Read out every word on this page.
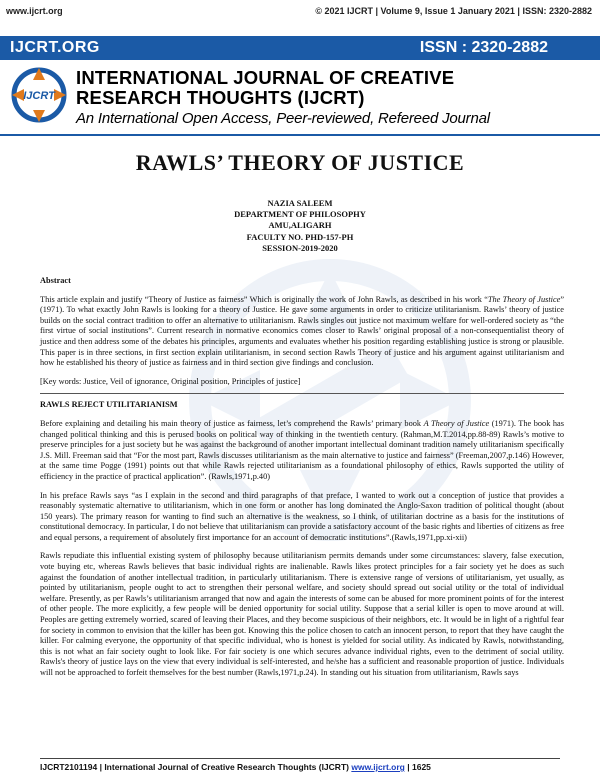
www.ijcrt.org	© 2021 IJCRT | Volume 9, Issue 1 January 2021 | ISSN: 2320-2882
IJCRT.ORG	ISSN : 2320-2882
IJCRT
INTERNATIONAL JOURNAL OF CREATIVE
RESEARCH THOUGHTS (IJCRT)
An International Open Access, Peer-reviewed, Refereed Journal
RAWLS’ THEORY OF JUSTICE
NAZIA SALEEM
DEPARTMENT OF PHILOSOPHY
AMU,ALIGARH
FACULTY NO. PHD-157-PH
SESSION-2019-2020
Abstract

This article explain and justify “Theory of Justice as fairness” Which is originally the work of John Rawls, as described in his work “The Theory of Justice” (1971). To what exactly John Rawls is looking for a theory of Justice. He gave some arguments in order to criticize utilitarianism. Rawls’ theory of justice builds on the social contract tradition to offer an alternative to utilitarianism. Rawls singles out justice not maximum welfare for well-ordered society as “the first virtue of social institutions”. Current research in normative economics comes closer to Rawls’ original proposal of a non-consequentialist theory of justice and then address some of the debates his principles, arguments and evaluates whether his position regarding establishing justice is strong or plausible. This paper is in three sections, in first section explain utilitarianism, in second section Rawls Theory of justice and his argument against utilitarianism and how he established his theory of justice as fairness and in third section give findings and conclusion.

[Key words: Justice, Veil of ignorance, Original position, Principles of justice]
RAWLS REJECT UTILITARIANISM

Before explaining and detailing his main theory of justice as fairness, let’s comprehend the Rawls’ primary book A Theory of Justice (1971). The book has changed political thinking and this is perused books on political way of thinking in the twentieth century. (Rahman,M.T.2014,pp.88-89) Rawls’s motive to preserve principles for a just society but he was against the background of another important intellectual dominant tradition namely utilitarianism specifically J.S. Mill. Freeman said that “For the most part, Rawls discusses utilitarianism as the main alternative to justice and fairness” (Freeman,2007,p.146) However, at the same time Pogge (1991) points out that while Rawls rejected utilitarianism as a foundational philosophy of ethics, Rawls supported the utility of efficiency in the practice of practical application”. (Rawls,1971,p.40)

In his preface Rawls says “as I explain in the second and third paragraphs of that preface, I wanted to work out a conception of justice that provides a reasonably systematic alternative to utilitarianism, which in one form or another has long dominated the Anglo-Saxon tradition of political thought (about 150 years). The primary reason for wanting to find such an alternative is the weakness, so I think, of utilitarian doctrine as a basis for the institutions of constitutional democracy. In particular, I do not believe that utilitarianism can provide a satisfactory account of the basic rights and liberties of citizens as free and equal persons, a requirement of absolutely first importance for an account of democratic institutions”.(Rawls,1971,pp.xi-xii)

Rawls repudiate this influential existing system of philosophy because utilitarianism permits demands under some circumstances: slavery, false execution, vote buying etc, whereas Rawls believes that basic individual rights are inalienable. Rawls likes protect principles for a fair society yet he does as such against the foundation of another intellectual tradition, in particularly utilitarianism. There is extensive range of versions of utilitarianism, yet usually, as pointed by utilitarianism, people ought to act to strengthen their personal welfare, and society should spread out social utility or the total of individual welfare. Presently, as per Rawls’s utilitarianism arranged that now and again the interests of some can be abused for more prominent points of for the interest of other people. The more explicitly, a few people will be denied opportunity for social utility. Suppose that a serial killer is open to move around at will. Peoples are getting extremely worried, scared of leaving their Places, and they become suspicious of their neighbors, etc. It would be in light of a rightful fear for society in common to envision that the killer has been got. Knowing this the police chosen to catch an innocent person, to report that they have caught the killer. For calming everyone, the opportunity of that specific individual, who is honest is yielded for social utility. As indicated by Rawls, notwithstanding, this is not what an fair society ought to look like. For fair society is one which secures advance individual rights, even to the detriment of social utility. Rawls's theory of justice lays on the view that every individual is self-interested, and he/she has a sufficient and reasonable proportion of justice. Individuals will not be approached to forfeit themselves for the best number (Rawls,1971,p.24). In standing out his situation from utilitarianism, Rawls says

IJCRT2101194 | International Journal of Creative Research Thoughts (IJCRT) www.ijcrt.org | 1625
